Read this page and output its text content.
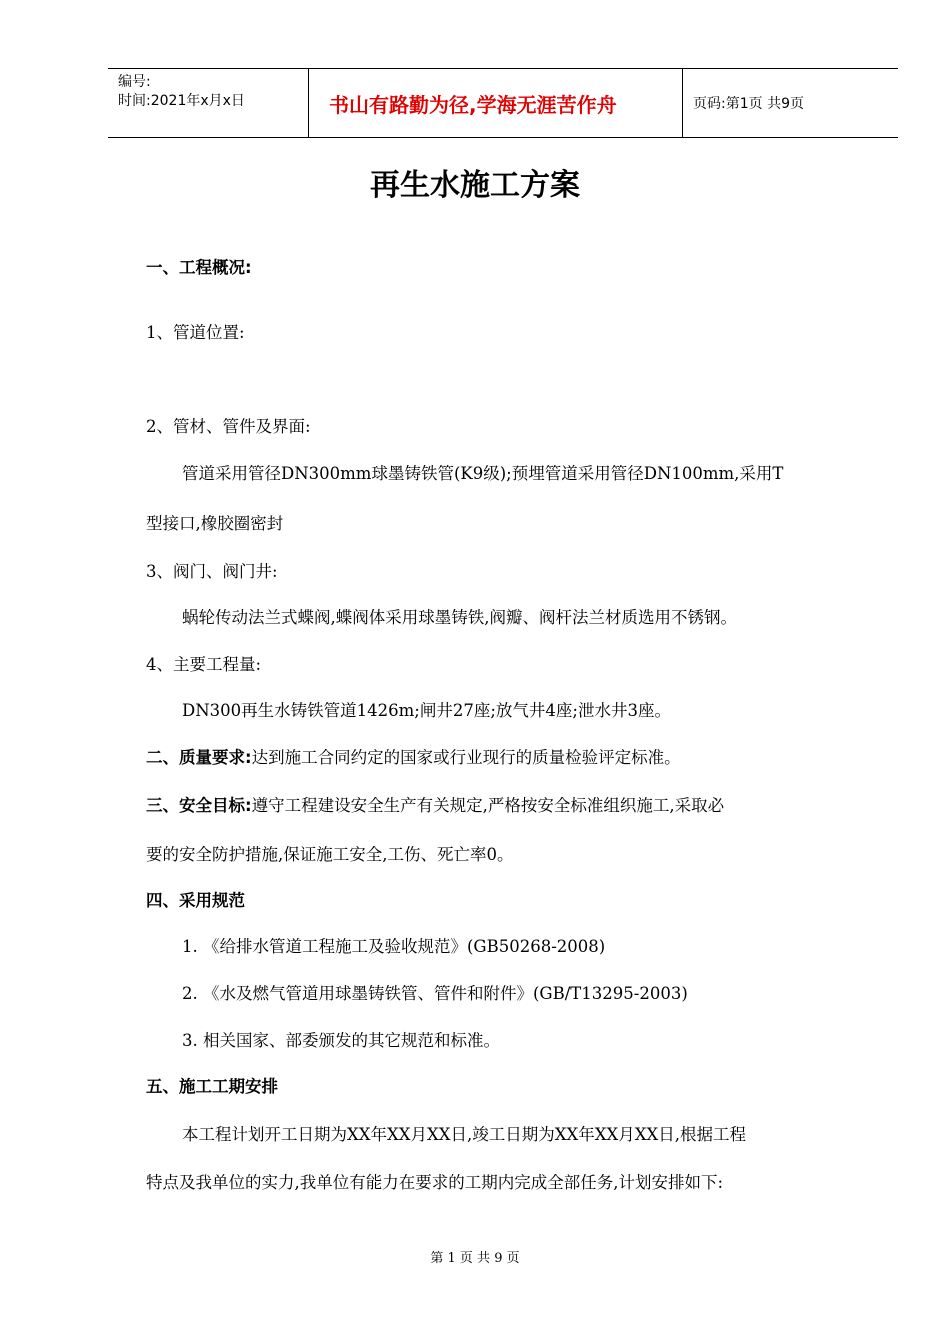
编号:
时间:2021年x月x日	书山有路勤为径,学海无涯苦作舟	页码:第1页 共9页
再生水施工方案
一、工程概况:
1、管道位置:
2、管材、管件及界面:
管道采用管径DN300mm球墨铸铁管(K9级);预埋管道采用管径DN100mm,采用T
型接口,橡胶圈密封
3、阀门、阀门井:
蜗轮传动法兰式蝶阀,蝶阀体采用球墨铸铁,阀瓣、阀杆法兰材质选用不锈钢。
4、主要工程量:
DN300再生水铸铁管道1426m;闸井27座;放气井4座;泄水井3座。
二、质量要求:达到施工合同约定的国家或行业现行的质量检验评定标准。
三、安全目标:遵守工程建设安全生产有关规定,严格按安全标准组织施工,采取必
要的安全防护措施,保证施工安全,工伤、死亡率0。
四、采用规范
1. 《给排水管道工程施工及验收规范》(GB50268-2008)
2. 《水及燃气管道用球墨铸铁管、管件和附件》(GB/T13295-2003)
3. 相关国家、部委颁发的其它规范和标准。
五、施工工期安排
本工程计划开工日期为XX年XX月XX日,竣工日期为XX年XX月XX日,根据工程
特点及我单位的实力,我单位有能力在要求的工期内完成全部任务,计划安排如下:
第 1 页 共 9 页
